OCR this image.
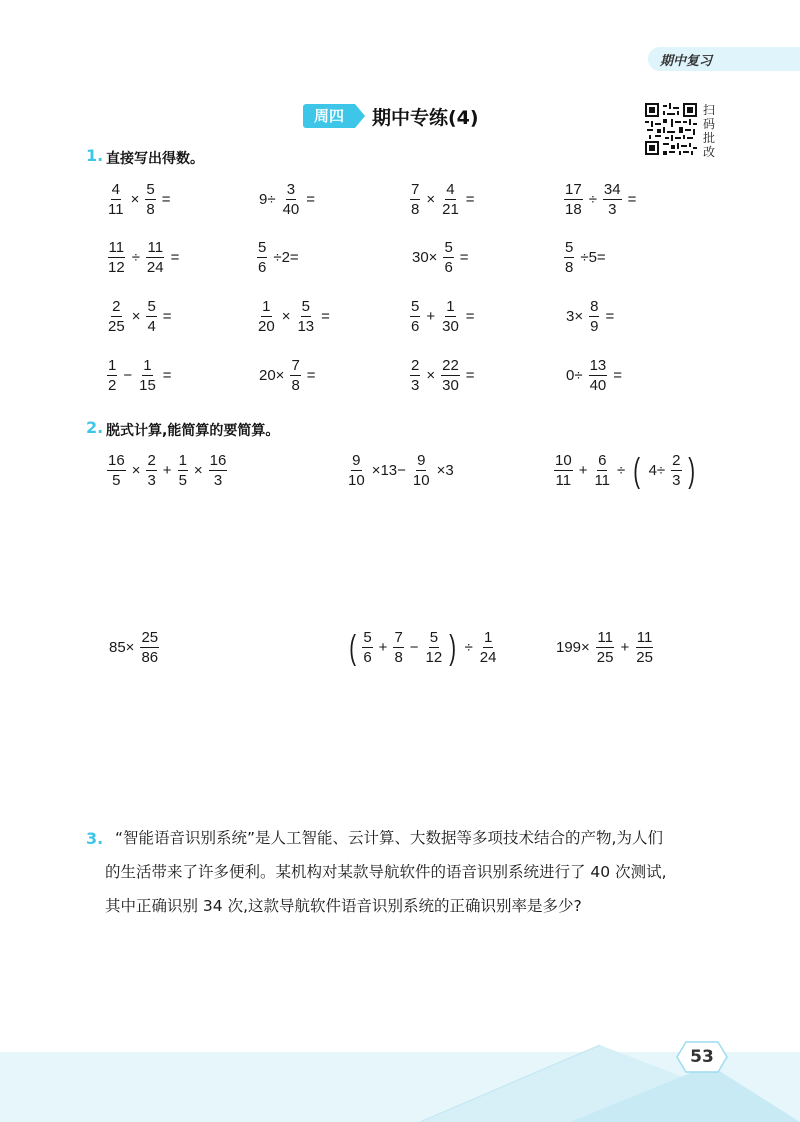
期中复习
周四	期中专练(4)	扫
码
批
改
1. 直接写出得数。
$\frac{4}{11} \times \frac{5}{8}$ =	$9\div \frac{3}{40}$ =	$\frac{7}{8} \times \frac{4}{21}$ =	$\frac{17}{18} \div \frac{34}{3}$ =
$\frac{11}{12} \div \frac{11}{24}$ =	$\frac{5}{6} \div 2=$	$30\times \frac{5}{6}$ =	$\frac{5}{8} \div 5=$
$\frac{2}{25} \times \frac{5}{4}$ =	$\frac{1}{20} \times \frac{5}{13}$ =	$\frac{5}{6} + \frac{1}{30}$ =	$3\times \frac{8}{9}$ =
$\frac{1}{2} - \frac{1}{15}$ =	$20\times \frac{7}{8}$ =	$\frac{2}{3} \times \frac{22}{30}$ =	$0\div \frac{13}{40}$ =
2. 脱式计算,能简算的要简算。
$\frac{16}{5} \times \frac{2}{3} + \frac{1}{5} \times \frac{16}{3}$	$\frac{9}{10} \times 13- \frac{9}{10} \times 3$	$\frac{10}{11} + \frac{6}{11}$ ÷ ( $4\div \frac{2}{3}$ )
$85\times \frac{25}{86}$	( $\frac{5}{6} + \frac{7}{8} - \frac{5}{12}$ ) ÷ $\frac{1}{24}$	$199\times \frac{11}{25} + \frac{11}{25}$
3. “智能语音识别系统”是人工智能、云计算、大数据等多项技术结合的产物,为人们
的生活带来了许多便利。某机构对某款导航软件的语音识别系统进行了 40 次测试,
其中正确识别 34 次,这款导航软件语音识别系统的正确识别率是多少?
53
